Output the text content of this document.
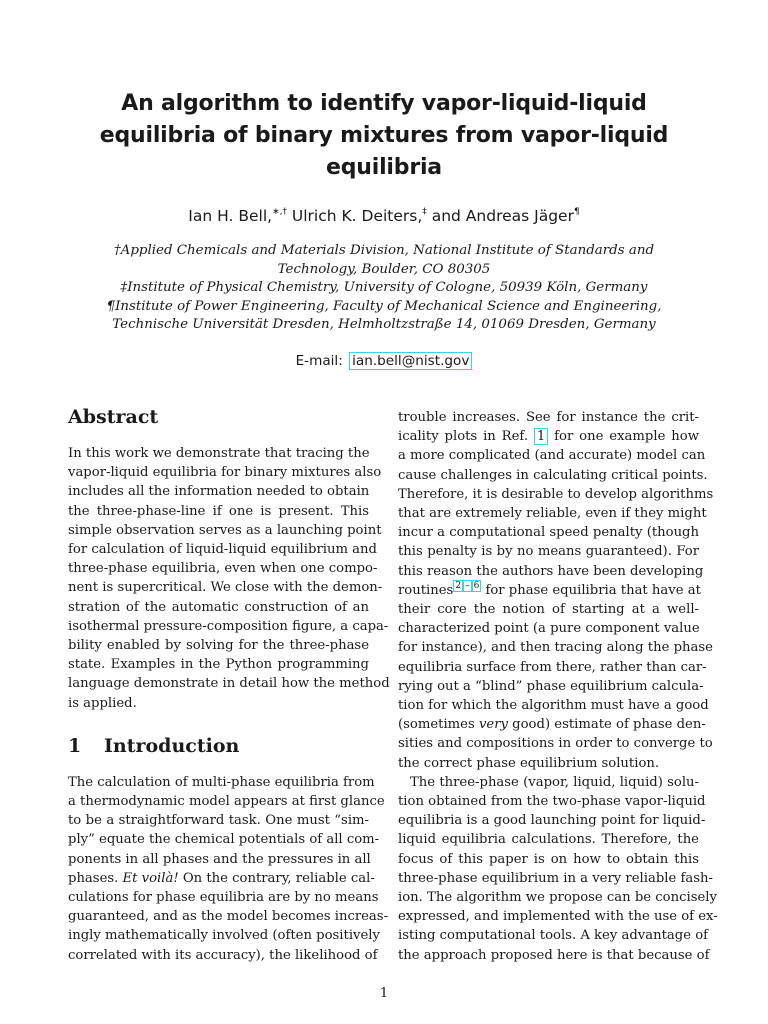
An algorithm to identify vapor-liquid-liquid
equilibria of binary mixtures from vapor-liquid
equilibria
Ian H. Bell,∗,† Ulrich K. Deiters,‡ and Andreas Jäger¶
†Applied Chemicals and Materials Division, National Institute of Standards and
Technology, Boulder, CO 80305
‡Institute of Physical Chemistry, University of Cologne, 50939 Köln, Germany
¶Institute of Power Engineering, Faculty of Mechanical Science and Engineering,
Technische Universität Dresden, Helmholtzstraße 14, 01069 Dresden, Germany
E-mail: ian.bell@nist.gov
Abstract
In this work we demonstrate that tracing the
vapor-liquid equilibria for binary mixtures also
includes all the information needed to obtain
the three-phase-line if one is present. This
simple observation serves as a launching point
for calculation of liquid-liquid equilibrium and
three-phase equilibria, even when one compo-
nent is supercritical. We close with the demon-
stration of the automatic construction of an
isothermal pressure-composition figure, a capa-
bility enabled by solving for the three-phase
state. Examples in the Python programming
language demonstrate in detail how the method
is applied.
1 Introduction
The calculation of multi-phase equilibria from
a thermodynamic model appears at first glance
to be a straightforward task. One must “sim-
ply” equate the chemical potentials of all com-
ponents in all phases and the pressures in all
phases. Et voilà! On the contrary, reliable cal-
culations for phase equilibria are by no means
guaranteed, and as the model becomes increas-
ingly mathematically involved (often positively
correlated with its accuracy), the likelihood of
trouble increases. See for instance the crit-
icality plots in Ref. 1 for one example how
a more complicated (and accurate) model can
cause challenges in calculating critical points.
Therefore, it is desirable to develop algorithms
that are extremely reliable, even if they might
incur a computational speed penalty (though
this penalty is by no means guaranteed). For
this reason the authors have been developing
routines $^{2 - 6}$ for phase equilibria that have at
their core the notion of starting at a well-
characterized point (a pure component value
for instance), and then tracing along the phase
equilibria surface from there, rather than car-
rying out a “blind” phase equilibrium calcula-
tion for which the algorithm must have a good
(sometimes very good) estimate of phase den-
sities and compositions in order to converge to
the correct phase equilibrium solution.
The three-phase (vapor, liquid, liquid) solu-
tion obtained from the two-phase vapor-liquid
equilibria is a good launching point for liquid-
liquid equilibria calculations. Therefore, the
focus of this paper is on how to obtain this
three-phase equilibrium in a very reliable fash-
ion. The algorithm we propose can be concisely
expressed, and implemented with the use of ex-
isting computational tools. A key advantage of
the approach proposed here is that because of
1
